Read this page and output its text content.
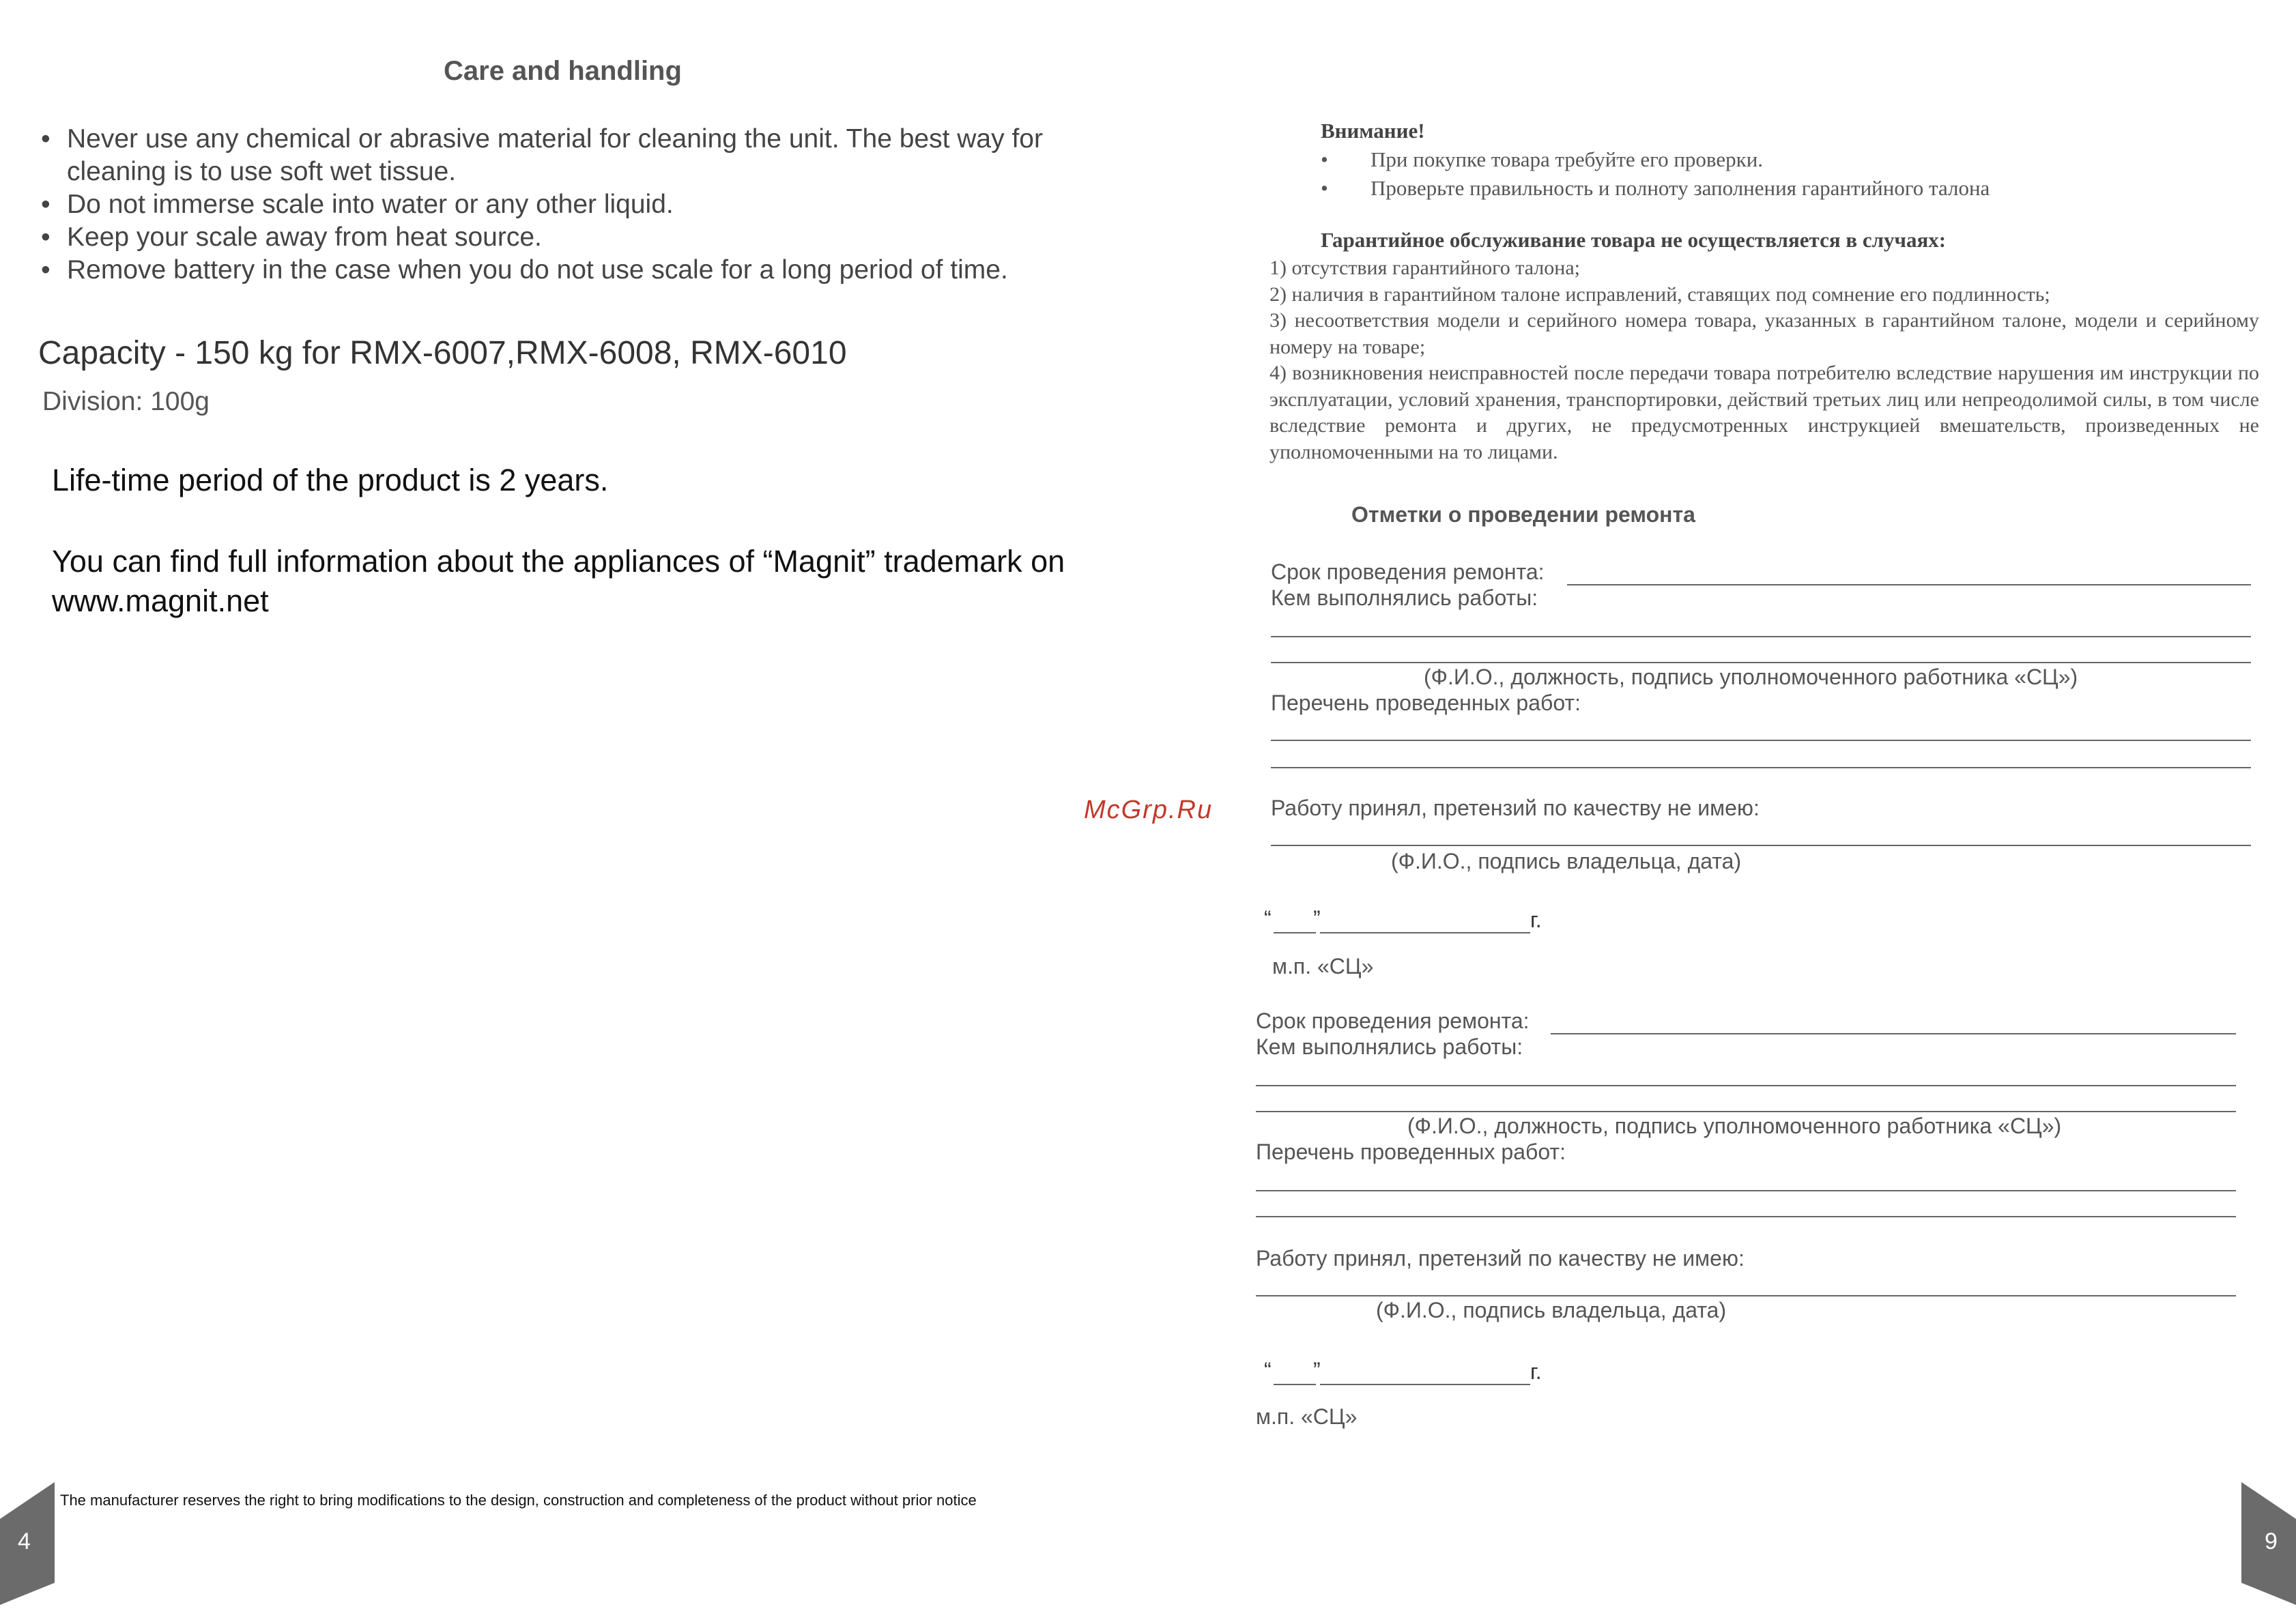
Care and handling
• Never use any chemical or abrasive material for cleaning the unit. The best way for cleaning is to use soft wet tissue.
• Do not immerse scale into water or any other liquid.
• Keep your scale away from heat source.
• Remove battery in the case when you do not use scale for a long period of time.
Capacity - 150 kg for RMX-6007,RMX-6008, RMX-6010
Division: 100g
Life-time period of the product is 2 years.
You can find full information about the appliances of “Magnit” trademark on www.magnit.net
McGrp.Ru
The manufacturer reserves the right to bring modifications to the design, construction and completeness of the product without prior notice
4
Внимание!
• При покупке товара требуйте его проверки.
• Проверьте правильность и полноту заполнения гарантийного талона
Гарантийное обслуживание товара не осуществляется в случаях:
1) отсутствия гарантийного талона;
2) наличия в гарантийном талоне исправлений, ставящих под сомнение его подлинность;
3) несоответствия модели и серийного номера товара, указанных в гарантийном талоне, модели и серийному номеру на товаре;
4) возникновения неисправностей после передачи товара потребителю вследствие нарушения им инструкции по эксплуатации, условий хранения, транспортировки, действий третьих лиц или непреодолимой силы, в том числе вследствие ремонта и других, не предусмотренных инструкцией вмешательств, произведенных не уполномоченными на то лицами.
Отметки о проведении ремонта
Срок проведения ремонта:
Кем выполнялись работы:
(Ф.И.О., должность, подпись уполномоченного работника «СЦ»)
Перечень проведенных работ:
Работу принял, претензий по качеству не имею:
(Ф.И.О., подпись владельца, дата)
“ ”	г.
м.п. «СЦ»
Срок проведения ремонта:
Кем выполнялись работы:
(Ф.И.О., должность, подпись уполномоченного работника «СЦ»)
Перечень проведенных работ:
Работу принял, претензий по качеству не имею:
(Ф.И.О., подпись владельца, дата)
“ ”	г.
м.п. «СЦ»
9
